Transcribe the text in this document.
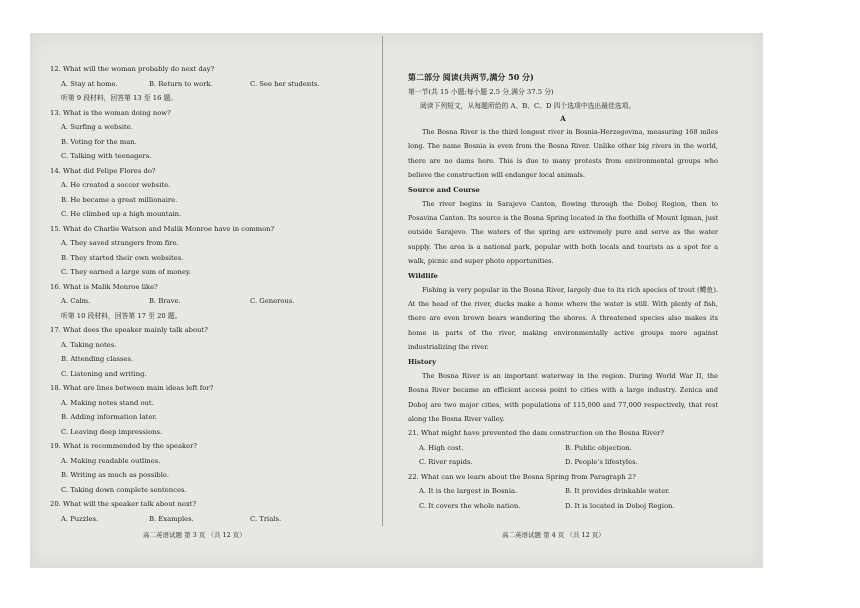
12. What will the woman probably do next day?
A. Stay at home.	B. Return to work.	C. See her students.
听第 9 段材料，回答第 13 至 16 题。
13. What is the woman doing now?
A. Surfing a website.
B. Voting for the man.
C. Talking with teenagers.
14. What did Felipe Flores do?
A. He created a soccer website.
B. He became a great millionaire.
C. He climbed up a high mountain.
15. What do Charlie Watson and Malik Monroe have in common?
A. They saved strangers from fire.
B. They started their own websites.
C. They earned a large sum of money.
16. What is Malik Monroe like?
A. Calm.	B. Brave.	C. Generous.
听第 10 段材料，回答第 17 至 20 题。
17. What does the speaker mainly talk about?
A. Taking notes.
B. Attending classes.
C. Listening and writing.
18. What are lines between main ideas left for?
A. Making notes stand out.
B. Adding information later.
C. Leaving deep impressions.
19. What is recommended by the speaker?
A. Making readable outlines.
B. Writing as much as possible.
C. Taking down complete sentences.
20. What will the speaker talk about next?
A. Puzzles.	B. Examples.	C. Trials.
高二英语试题 第 3 页 （共 12 页）
第二部分 阅读(共两节,满分 50 分)
第一节(共 15 小题;每小题 2.5 分,满分 37.5 分)
阅读下列短文，从每题所给的 A、B、C、D 四个选项中选出最佳选项。
A

The Bosna River is the third longest river in Bosnia-Herzegovina, measuring 168 miles long. The name Bosnia is even from the Bosna River. Unlike other big rivers in the world, there are no dams here. This is due to many protests from environmental groups who believe the construction will endanger local animals.

Source and Course

The river begins in Sarajevo Canton, flowing through the Doboj Region, then to Posavina Canton. Its source is the Bosna Spring located in the foothills of Mount Igman, just outside Sarajevo. The waters of the spring are extremely pure and serve as the water supply. The area is a national park, popular with both locals and tourists as a spot for a walk, picnic and super photo opportunities.

Wildlife

Fishing is very popular in the Bosna River, largely due to its rich species of trout (鳟鱼). At the head of the river, ducks make a home where the water is still. With plenty of fish, there are even brown bears wandering the shores. A threatened species also makes its home in parts of the river, making environmentally active groups more against industrializing the river.

History

The Bosna River is an important waterway in the region. During World War II, the Bosna River became an efficient access point to cities with a large industry. Zenica and Doboj are two major cities, with populations of 115,000 and 77,000 respectively, that rest along the Bosna River valley.

21. What might have prevented the dam construction on the Bosna River?
A. High cost.	B. Public objection.
C. River rapids.	D. People's lifestyles.
22. What can we learn about the Bosna Spring from Paragraph 2?
A. It is the largest in Bosnia.	B. It provides drinkable water.
C. It covers the whole nation.	D. It is located in Doboj Region.
高二英语试题 第 4 页 （共 12 页）
